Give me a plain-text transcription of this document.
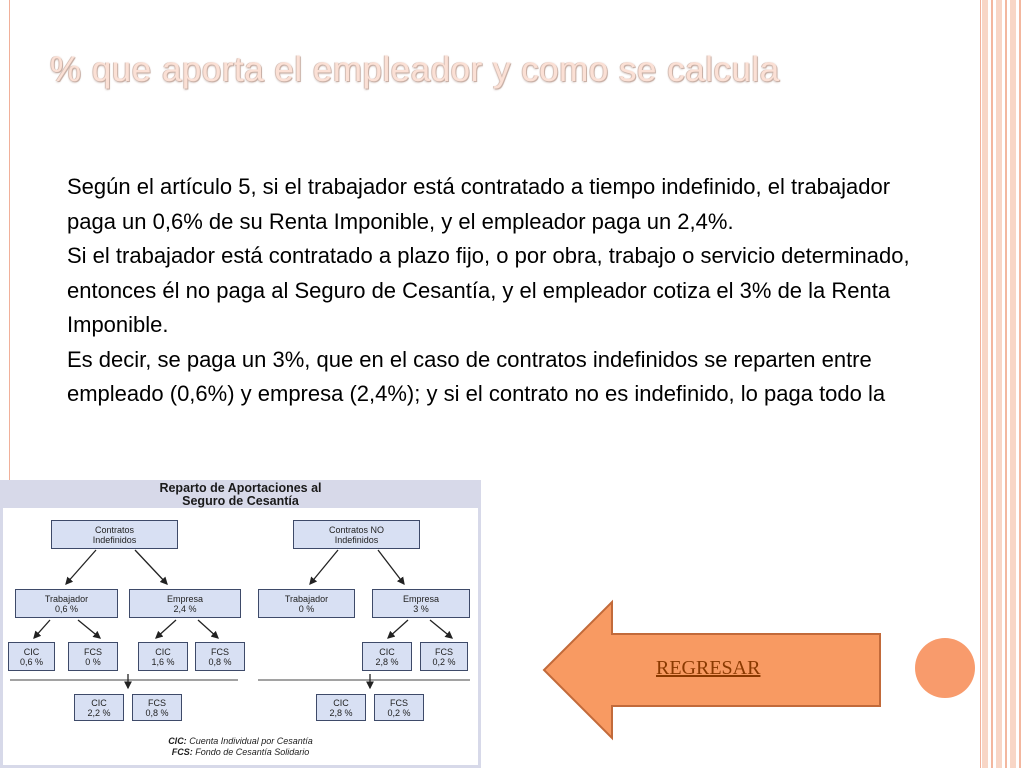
% que aporta el empleador y como se calcula

Según el artículo 5, si el trabajador está contratado a tiempo indefinido, el trabajador paga un 0,6% de su Renta Imponible, y el empleador paga un 2,4%.

Si el trabajador está contratado a plazo fijo, o por obra, trabajo o servicio determinado, entonces él no paga al Seguro de Cesantía, y el empleador cotiza el 3% de la Renta Imponible.

Es decir, se paga un 3%, que en el caso de contratos indefinidos se reparten entre empleado (0,6%) y empresa (2,4%); y si el contrato no es indefinido, lo paga todo la

Reparto de Aportaciones al
Seguro de Cesantía
Contratos
Indefinidos
Trabajador
0,6 %
Empresa
2,4 %
CIC
0,6 %
FCS
0 %
CIC
1,6 %
FCS
0,8 %
CIC
2,2 %
FCS
0,8 %
Contratos NO
Indefinidos
Trabajador
0 %
Empresa
3 %
CIC
2,8 %
FCS
0,2 %
CIC
2,8 %
FCS
0,2 %
CIC: Cuenta Individual por Cesantía
FCS: Fondo de Cesantía Solidario
REGRESAR
